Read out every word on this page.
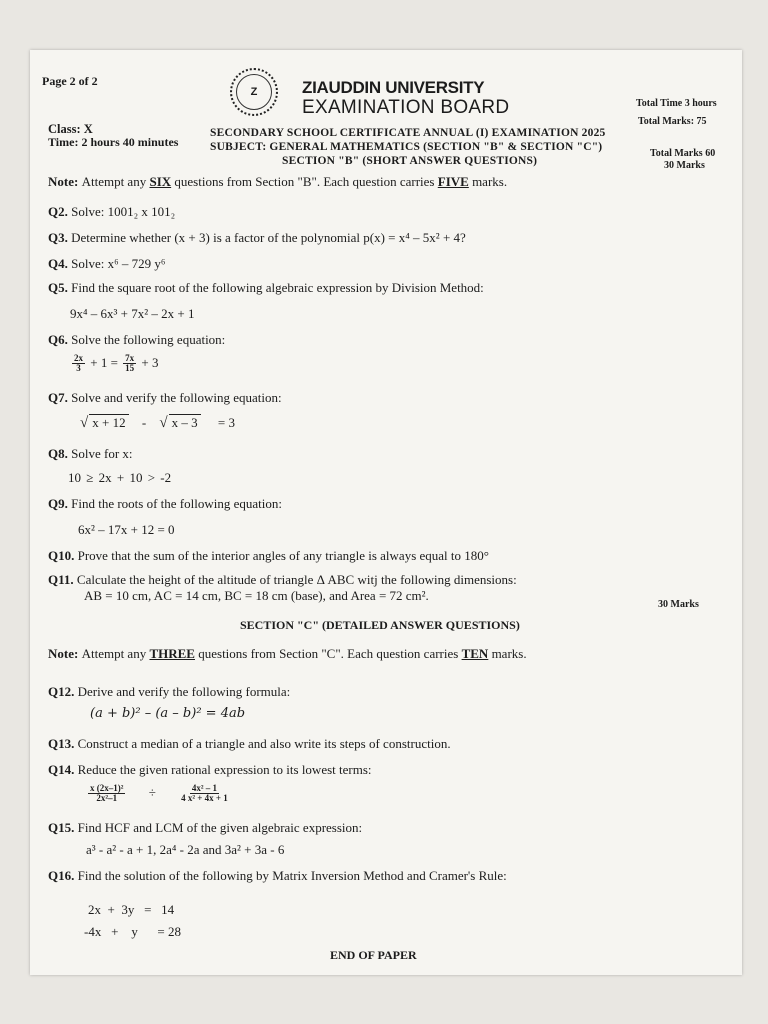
Page 2 of 2
Z	ZIAUDDIN UNIVERSITY
EXAMINATION BOARD	Total Time 3 hours
Total Marks: 75
Class: X
Time: 2 hours 40 minutes
SECONDARY SCHOOL CERTIFICATE ANNUAL (I) EXAMINATION 2025
SUBJECT: GENERAL MATHEMATICS (SECTION "B" & SECTION "C")
SECTION "B" (SHORT ANSWER QUESTIONS)
Total Marks 60
30 Marks
Note: Attempt any SIX questions from Section "B". Each question carries FIVE marks.
Q2. Solve: 1001₂ x 101₂
Q3. Determine whether (x + 3) is a factor of the polynomial p(x) = x⁴ – 5x² + 4?
Q4. Solve: x⁶ – 729 y⁶
Q5. Find the square root of the following algebraic expression by Division Method:
9x⁴ – 6x³ + 7x² – 2x + 1
Q6. Solve the following equation:
$\frac{2x}{3} + 1 = \frac{7x}{15} + 3$
Q7. Solve and verify the following equation:
√ x + 12 - √ x – 3 = 3
Q8. Solve for x:
10 ≥ 2x + 10 > -2
Q9. Find the roots of the following equation:
6x² – 17x + 12 = 0
Q10. Prove that the sum of the interior angles of any triangle is always equal to 180°
Q11. Calculate the height of the altitude of triangle Δ ABC witj the following dimensions:
AB = 10 cm, AC = 14 cm, BC = 18 cm (base), and Area = 72 cm².
30 Marks
SECTION "C" (DETAILED ANSWER QUESTIONS)
Note: Attempt any THREE questions from Section "C". Each question carries TEN marks.
Q12. Derive and verify the following formula:
(a + b)² – (a – b)² = 4ab
Q13. Construct a median of a triangle and also write its steps of construction.
Q14. Reduce the given rational expression to its lowest terms:
$\frac{\text{x (2x–1)²}}{\text{2x²–1}}$ ÷	$\frac{\text{4x² – 1}}{\text{4 x² + 4x + 1}}$
Q15. Find HCF and LCM of the given algebraic expression:
a³ - a² - a + 1, 2a⁴ - 2a and 3a² + 3a - 6
Q16. Find the solution of the following by Matrix Inversion Method and Cramer's Rule:
2x  +  3y   =   14
-4x   +    y      = 28
END OF PAPER
